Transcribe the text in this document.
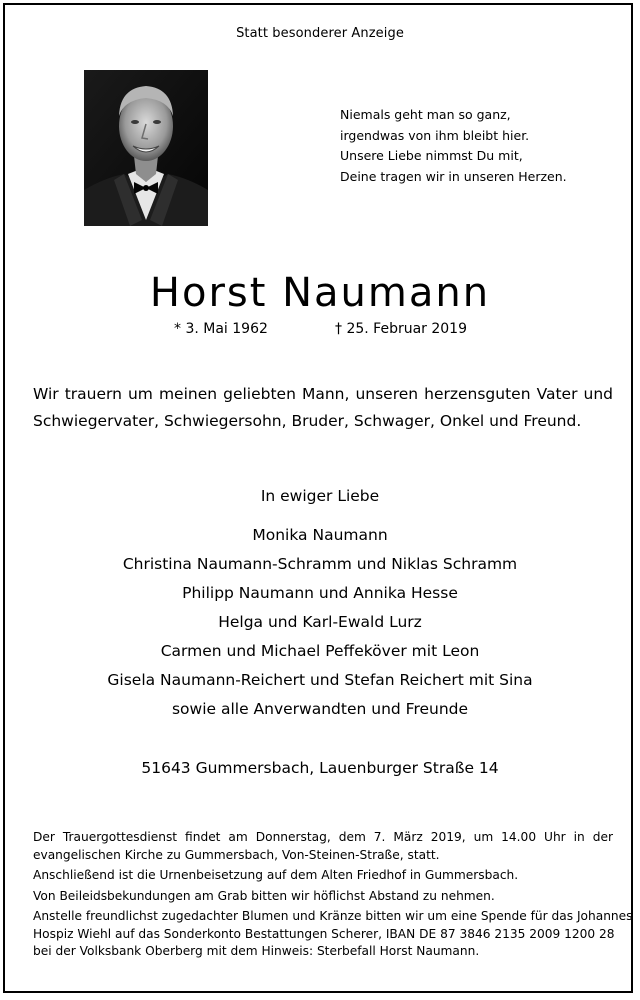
Statt besonderer Anzeige
Niemals geht man so ganz,
irgendwas von ihm bleibt hier.
Unsere Liebe nimmst Du mit,
Deine tragen wir in unseren Herzen.
Horst Naumann
* 3. Mai 1962	† 25. Februar 2019
Wir trauern um meinen geliebten Mann, unseren herzensguten Vater und
Schwiegervater, Schwiegersohn, Bruder, Schwager, Onkel und Freund.
In ewiger Liebe
Monika Naumann
Christina Naumann-Schramm und Niklas Schramm
Philipp Naumann und Annika Hesse
Helga und Karl-Ewald Lurz
Carmen und Michael Peffeköver mit Leon
Gisela Naumann-Reichert und Stefan Reichert mit Sina
sowie alle Anverwandten und Freunde
51643 Gummersbach, Lauenburger Straße 14
Der Trauergottesdienst findet am Donnerstag, dem 7. März 2019, um 14.00 Uhr in der
evangelischen Kirche zu Gummersbach, Von-Steinen-Straße, statt.
Anschließend ist die Urnenbeisetzung auf dem Alten Friedhof in Gummersbach.
Von Beileidsbekundungen am Grab bitten wir höflichst Abstand zu nehmen.
Anstelle freundlichst zugedachter Blumen und Kränze bitten wir um eine Spende für das Johannes
Hospiz Wiehl auf das Sonderkonto Bestattungen Scherer, IBAN DE 87 3846 2135 2009 1200 28
bei der Volksbank Oberberg mit dem Hinweis: Sterbefall Horst Naumann.
